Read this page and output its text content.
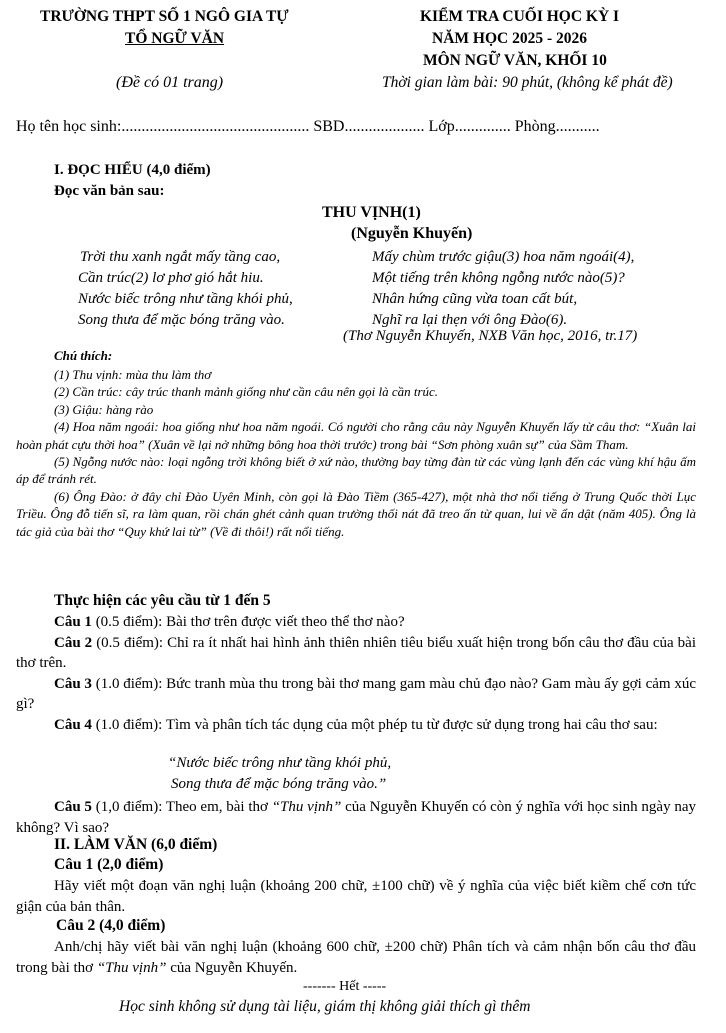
TRƯỜNG THPT SỐ 1 NGÔ GIA TỰ
TỔ NGỮ VĂN
(Đề có 01 trang)
KIỂM TRA CUỐI HỌC KỲ I
NĂM HỌC 2025 - 2026
MÔN NGỮ VĂN, KHỐI 10
Thời gian làm bài: 90 phút, (không kể phát đề)
Họ tên học sinh:............................................... SBD.................... Lớp.............. Phòng...........
I. ĐỌC HIỂU (4,0 điểm)
Đọc văn bản sau:
THU VỊNH(1)
(Nguyễn Khuyến)
Trời thu xanh ngắt mấy tầng cao,
Cần trúc(2) lơ phơ gió hắt hiu.
Nước biếc trông như tầng khói phủ,
Song thưa để mặc bóng trăng vào.
Mấy chùm trước giậu(3) hoa năm ngoái(4),
Một tiếng trên không ngỗng nước nào(5)?
Nhân hứng cũng vừa toan cất bút,
Nghĩ ra lại thẹn với ông Đào(6).
(Thơ Nguyễn Khuyến, NXB Văn học, 2016, tr.17)
Chú thích:
(1) Thu vịnh: mùa thu làm thơ
(2) Cần trúc: cây trúc thanh mảnh giống như cần câu nên gọi là cần trúc.
(3) Giậu: hàng rào
(4) Hoa năm ngoái: hoa giống như hoa năm ngoái. Có người cho rằng câu này Nguyễn Khuyến lấy từ câu thơ: “Xuân lai hoàn phát cựu thời hoa” (Xuân về lại nở những bông hoa thời trước) trong bài “Sơn phòng xuân sự” của Sầm Tham.
(5) Ngỗng nước nào: loại ngỗng trời không biết ở xứ nào, thường bay từng đàn từ các vùng lạnh đến các vùng khí hậu ấm áp để tránh rét.
(6) Ông Đào: ở đây chỉ Đào Uyên Minh, còn gọi là Đào Tiềm (365-427), một nhà thơ nổi tiếng ở Trung Quốc thời Lục Triều. Ông đỗ tiến sĩ, ra làm quan, rồi chán ghét cảnh quan trường thối nát đã treo ấn từ quan, lui về ẩn dật (năm 405). Ông là tác giả của bài thơ “Quy khứ lai từ” (Về đi thôi!) rất nổi tiếng.
Thực hiện các yêu cầu từ 1 đến 5
Câu 1 (0.5 điểm): Bài thơ trên được viết theo thể thơ nào?
Câu 2 (0.5 điểm): Chỉ ra ít nhất hai hình ảnh thiên nhiên tiêu biểu xuất hiện trong bốn câu thơ đầu của bài thơ trên.
Câu 3 (1.0 điểm): Bức tranh mùa thu trong bài thơ mang gam màu chủ đạo nào? Gam màu ấy gợi cảm xúc gì?
Câu 4 (1.0 điểm): Tìm và phân tích tác dụng của một phép tu từ được sử dụng trong hai câu thơ sau:
“Nước biếc trông như tầng khói phủ,
Song thưa để mặc bóng trăng vào.”
Câu 5 (1,0 điểm): Theo em, bài thơ “Thu vịnh” của Nguyễn Khuyến có còn ý nghĩa với học sinh ngày nay không? Vì sao?
II. LÀM VĂN (6,0 điểm)
Câu 1 (2,0 điểm)
Hãy viết một đoạn văn nghị luận (khoảng 200 chữ, ±100 chữ) về ý nghĩa của việc biết kiềm chế cơn tức giận của bản thân.
Câu 2 (4,0 điểm)
Anh/chị hãy viết bài văn nghị luận (khoảng 600 chữ, ±200 chữ) Phân tích và cảm nhận bốn câu thơ đầu trong bài thơ “Thu vịnh” của Nguyễn Khuyến.
------- Hết -----
Học sinh không sử dụng tài liệu, giám thị không giải thích gì thêm
